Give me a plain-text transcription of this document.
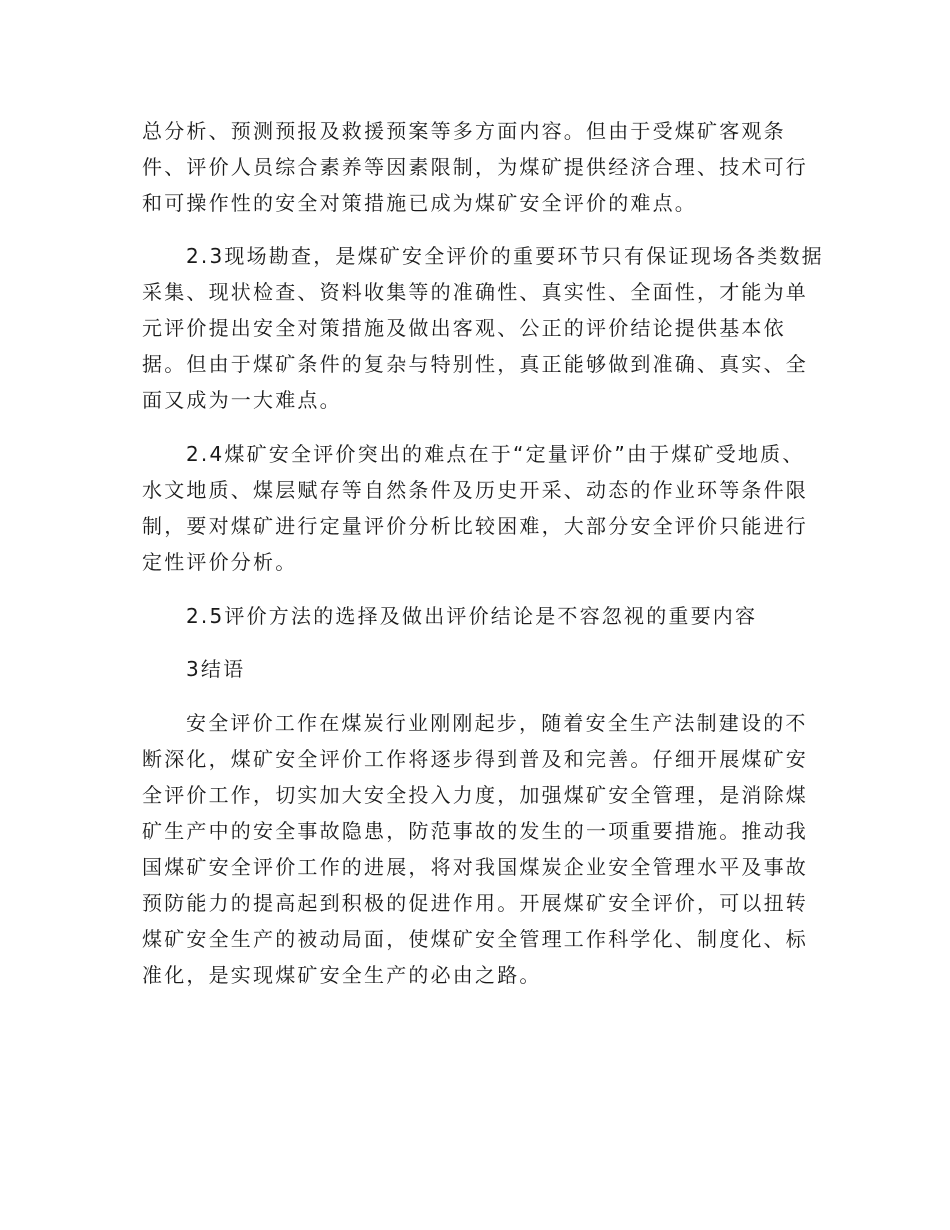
总分析、预测预报及救援预案等多方面内容。但由于受煤矿客观条
件、评价人员综合素养等因素限制，为煤矿提供经济合理、技术可行
和可操作性的安全对策措施已成为煤矿安全评价的难点。
2.3现场勘查，是煤矿安全评价的重要环节只有保证现场各类数据
采集、现状检查、资料收集等的准确性、真实性、全面性，才能为单
元评价提出安全对策措施及做出客观、公正的评价结论提供基本依
据。但由于煤矿条件的复杂与特别性，真正能够做到准确、真实、全
面又成为一大难点。
2.4煤矿安全评价突出的难点在于“定量评价”由于煤矿受地质、
水文地质、煤层赋存等自然条件及历史开采、动态的作业环等条件限
制，要对煤矿进行定量评价分析比较困难，大部分安全评价只能进行
定性评价分析。
2.5评价方法的选择及做出评价结论是不容忽视的重要内容
3结语
安全评价工作在煤炭行业刚刚起步，随着安全生产法制建设的不
断深化，煤矿安全评价工作将逐步得到普及和完善。仔细开展煤矿安
全评价工作，切实加大安全投入力度，加强煤矿安全管理，是消除煤
矿生产中的安全事故隐患，防范事故的发生的一项重要措施。推动我
国煤矿安全评价工作的进展，将对我国煤炭企业安全管理水平及事故
预防能力的提高起到积极的促进作用。开展煤矿安全评价，可以扭转
煤矿安全生产的被动局面，使煤矿安全管理工作科学化、制度化、标
准化，是实现煤矿安全生产的必由之路。
